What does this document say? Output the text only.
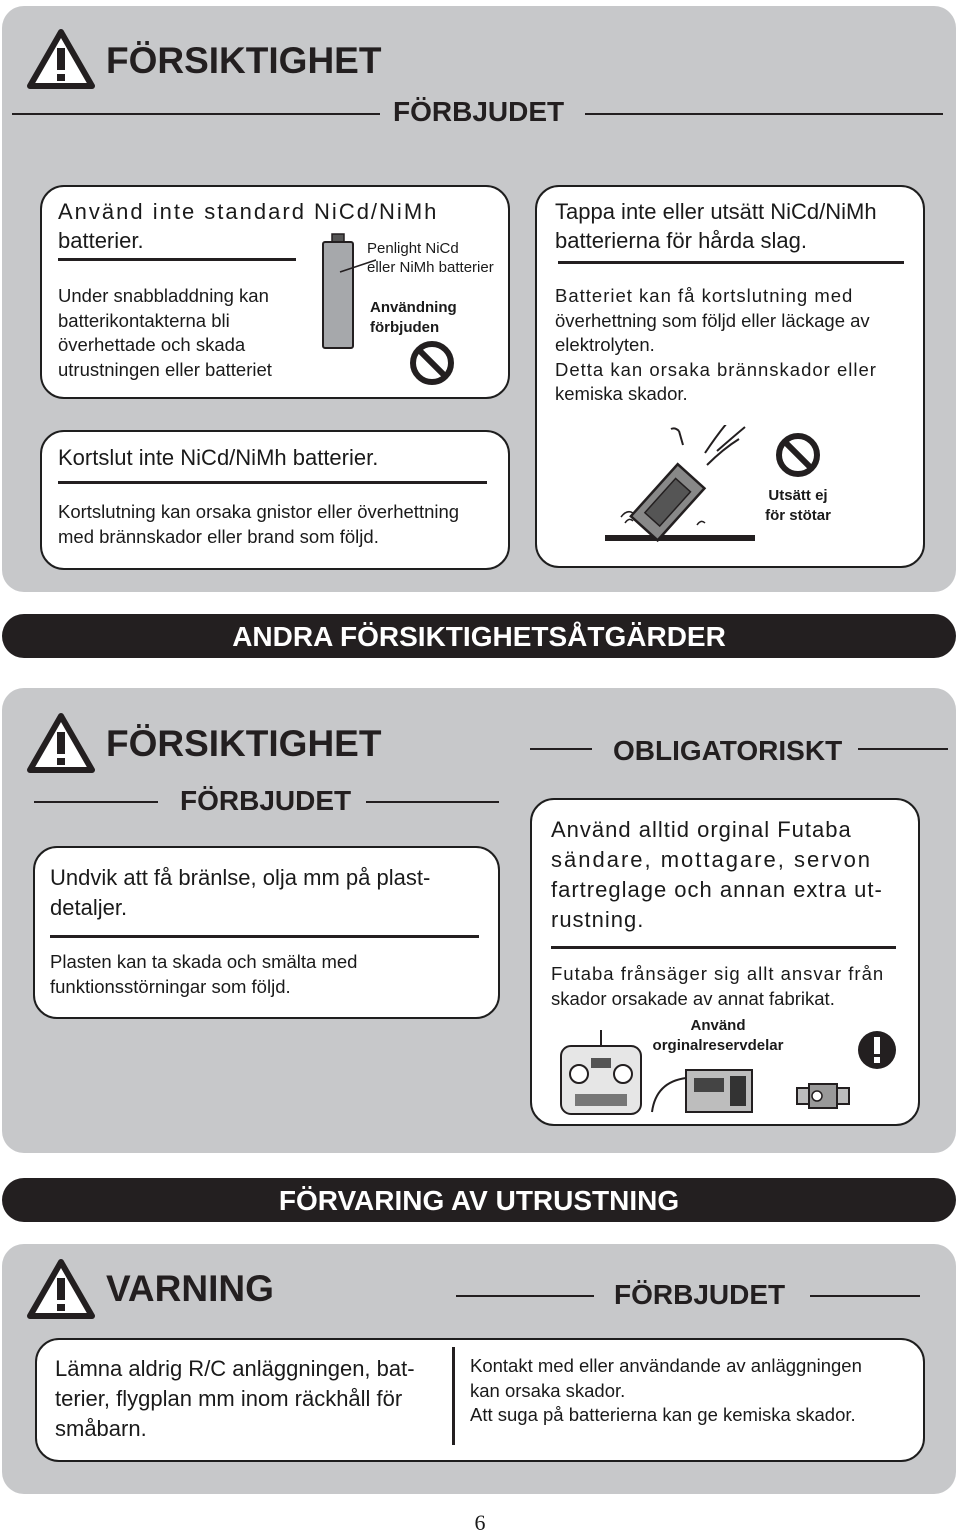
FÖRSIKTIGHET
FÖRBJUDET
Använd inte standard NiCd/NiMh
batterier.
Under snabbladdning kan
batterikontakterna bli
överhettade och skada
utrustningen eller batteriet
Penlight NiCd
eller NiMh batterier
Användning
förbjuden
Tappa inte eller utsätt NiCd/NiMh
batterierna för hårda slag.
Batteriet kan få kortslutning med
överhettning som följd eller läckage av
elektrolyten.
Detta kan orsaka brännskador eller
kemiska skador.
Utsätt ej
för stötar
Kortslut inte NiCd/NiMh batterier.
Kortslutning kan orsaka gnistor eller överhettning
med brännskador eller brand som följd.
ANDRA FÖRSIKTIGHETSÅTGÄRDER
FÖRSIKTIGHET
FÖRBJUDET
OBLIGATORISKT
Undvik att få bränlse, olja mm på plast-
detaljer.
Plasten kan ta skada och smälta med
funktionsstörningar som följd.
Använd alltid orginal Futaba
sändare, mottagare, servon
fartreglage och annan extra ut-
rustning.
Futaba frånsäger sig allt ansvar från
skador orsakade av annat fabrikat.
Använd
orginalreservdelar
FÖRVARING AV UTRUSTNING
VARNING	FÖRBJUDET
Lämna aldrig R/C anläggningen, bat-
terier, flygplan mm inom räckhåll för
småbarn.
Kontakt med eller användande av anläggningen
kan orsaka skador.
Att suga på batterierna kan ge kemiska skador.
6
